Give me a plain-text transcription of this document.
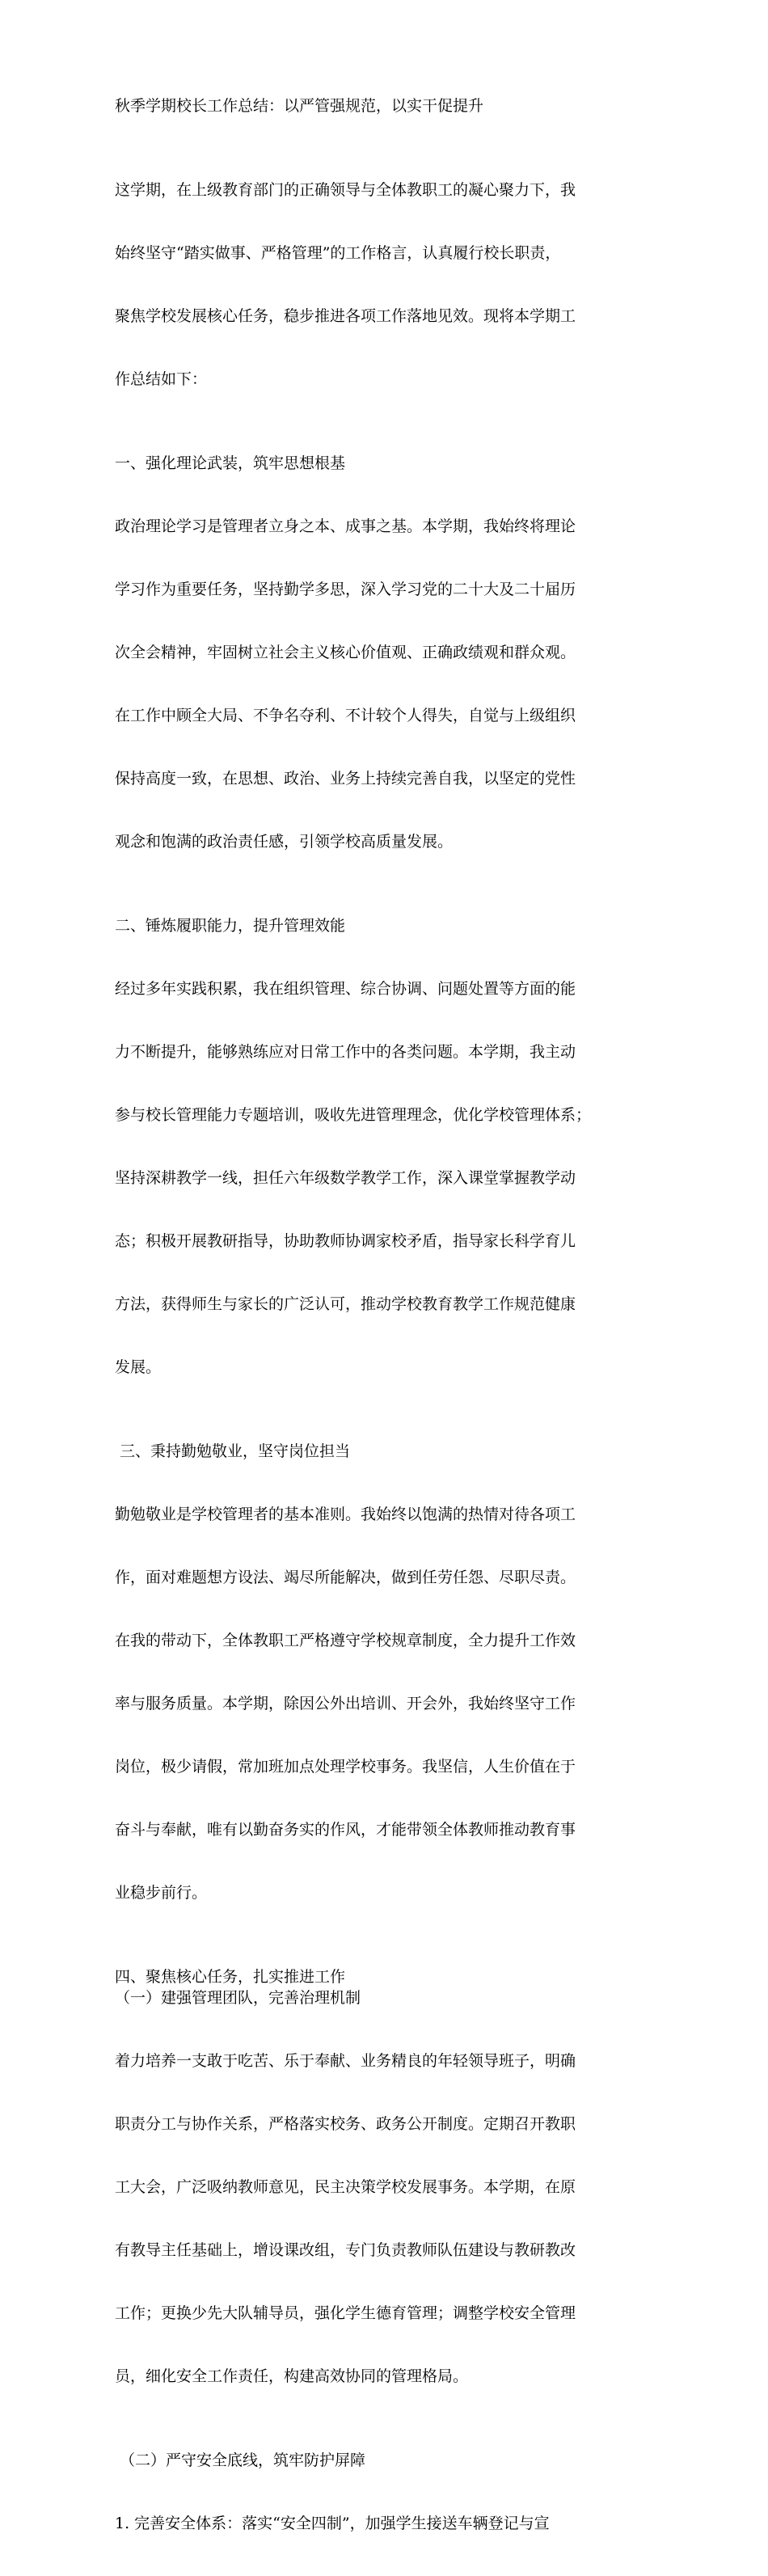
秋季学期校长工作总结：以严管强规范，以实干促提升

这学期，在上级教育部门的正确领导与全体教职工的凝心聚力下，我

始终坚守“踏实做事、严格管理”的工作格言，认真履行校长职责，

聚焦学校发展核心任务，稳步推进各项工作落地见效。现将本学期工

作总结如下：

一、强化理论武装，筑牢思想根基

政治理论学习是管理者立身之本、成事之基。本学期，我始终将理论

学习作为重要任务，坚持勤学多思，深入学习党的二十大及二十届历

次全会精神，牢固树立社会主义核心价值观、正确政绩观和群众观。

在工作中顾全大局、不争名夺利、不计较个人得失，自觉与上级组织

保持高度一致，在思想、政治、业务上持续完善自我，以坚定的党性

观念和饱满的政治责任感，引领学校高质量发展。

二、锤炼履职能力，提升管理效能

经过多年实践积累，我在组织管理、综合协调、问题处置等方面的能

力不断提升，能够熟练应对日常工作中的各类问题。本学期，我主动

参与校长管理能力专题培训，吸收先进管理理念，优化学校管理体系；

坚持深耕教学一线，担任六年级数学教学工作，深入课堂掌握教学动

态；积极开展教研指导，协助教师协调家校矛盾，指导家长科学育儿

方法，获得师生与家长的广泛认可，推动学校教育教学工作规范健康

发展。

三、秉持勤勉敬业，坚守岗位担当

勤勉敬业是学校管理者的基本准则。我始终以饱满的热情对待各项工

作，面对难题想方设法、竭尽所能解决，做到任劳任怨、尽职尽责。

在我的带动下，全体教职工严格遵守学校规章制度，全力提升工作效

率与服务质量。本学期，除因公外出培训、开会外，我始终坚守工作

岗位，极少请假，常加班加点处理学校事务。我坚信，人生价值在于

奋斗与奉献，唯有以勤奋务实的作风，才能带领全体教师推动教育事

业稳步前行。

四、聚焦核心任务，扎实推进工作

（一）建强管理团队，完善治理机制

着力培养一支敢于吃苦、乐于奉献、业务精良的年轻领导班子，明确

职责分工与协作关系，严格落实校务、政务公开制度。定期召开教职

工大会，广泛吸纳教师意见，民主决策学校发展事务。本学期，在原

有教导主任基础上，增设课改组，专门负责教师队伍建设与教研教改

工作；更换少先大队辅导员，强化学生德育管理；调整学校安全管理

员，细化安全工作责任，构建高效协同的管理格局。

（二）严守安全底线，筑牢防护屏障

1. 完善安全体系：落实“安全四制”，加强学生接送车辆登记与宣
